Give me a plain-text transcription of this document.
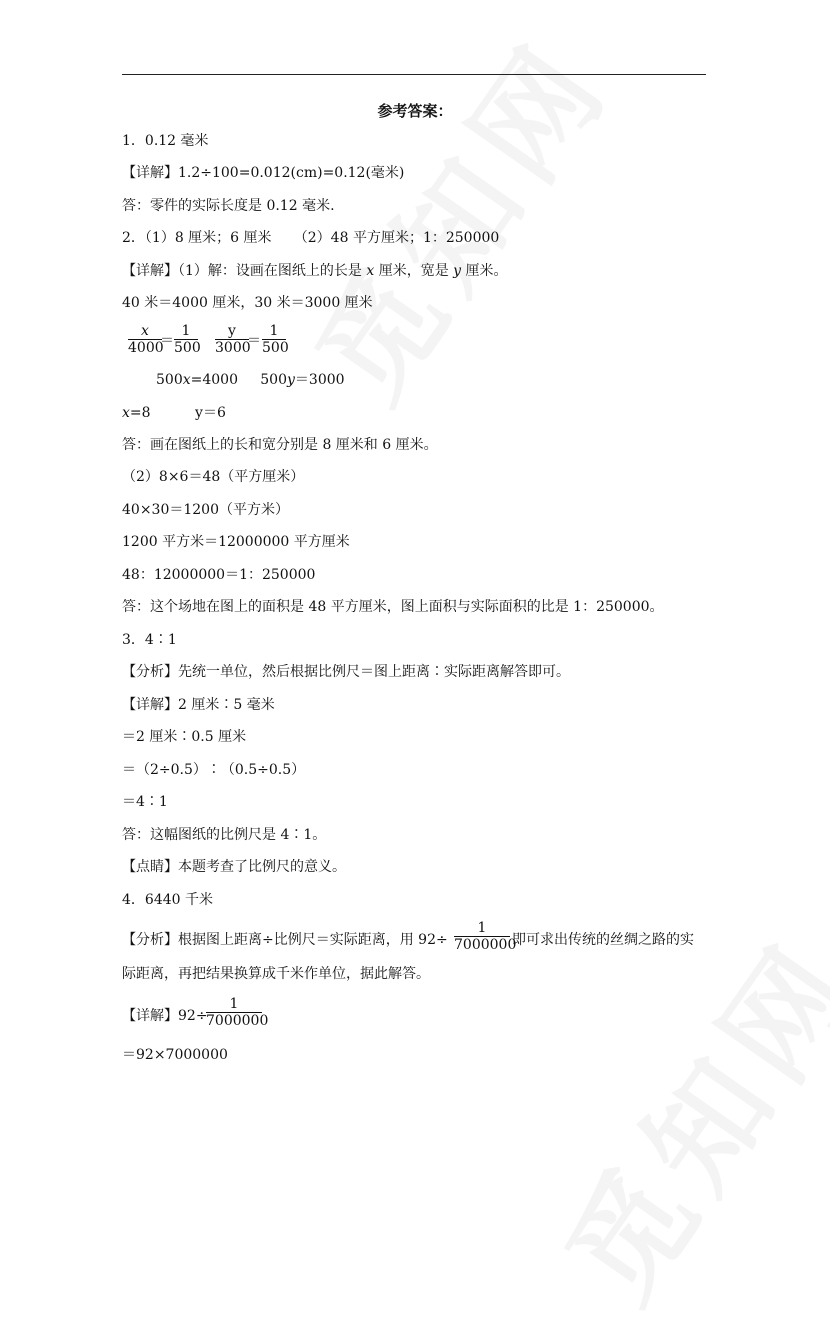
参考答案：
1．0.12 毫米
【详解】1.2÷100=0.012(cm)=0.12(毫米)
答：零件的实际长度是 0.12 毫米.
2．（1）8 厘米；6 厘米     （2）48 平方厘米；1：250000
【详解】（1）解：设画在图纸上的长是 x 厘米，宽是 y 厘米。
40 米＝4000 厘米，30 米＝3000 厘米
$\frac{x}{4000}$
＝ $\frac{1}{500} \frac{y}{3000}$
＝ $\frac{1}{500}$
500x=4000     500y＝3000
x=8          y＝6
答：画在图纸上的长和宽分别是 8 厘米和 6 厘米。
（2）8×6＝48（平方厘米）
40×30＝1200（平方米）
1200 平方米＝12000000 平方厘米
48：12000000＝1：250000
答：这个场地在图上的面积是 48 平方厘米，图上面积与实际面积的比是 1：250000。
3．4∶1
【分析】先统一单位，然后根据比例尺＝图上距离∶实际距离解答即可。
【详解】2 厘米∶5 毫米
＝2 厘米∶0.5 厘米
＝（2÷0.5）∶（0.5÷0.5）
＝4∶1
答：这幅图纸的比例尺是 4∶1。
【点睛】本题考查了比例尺的意义。
4．6440 千米
【分析】根据图上距离÷比例尺＝实际距离，用 $92\div \frac{1}{7000000}$ 即可求出传统的丝绸之路的实
际距离，再把结果换算成千米作单位，据此解答。
【详解】92÷
$\frac{1}{7000000}$
＝92×7000000
